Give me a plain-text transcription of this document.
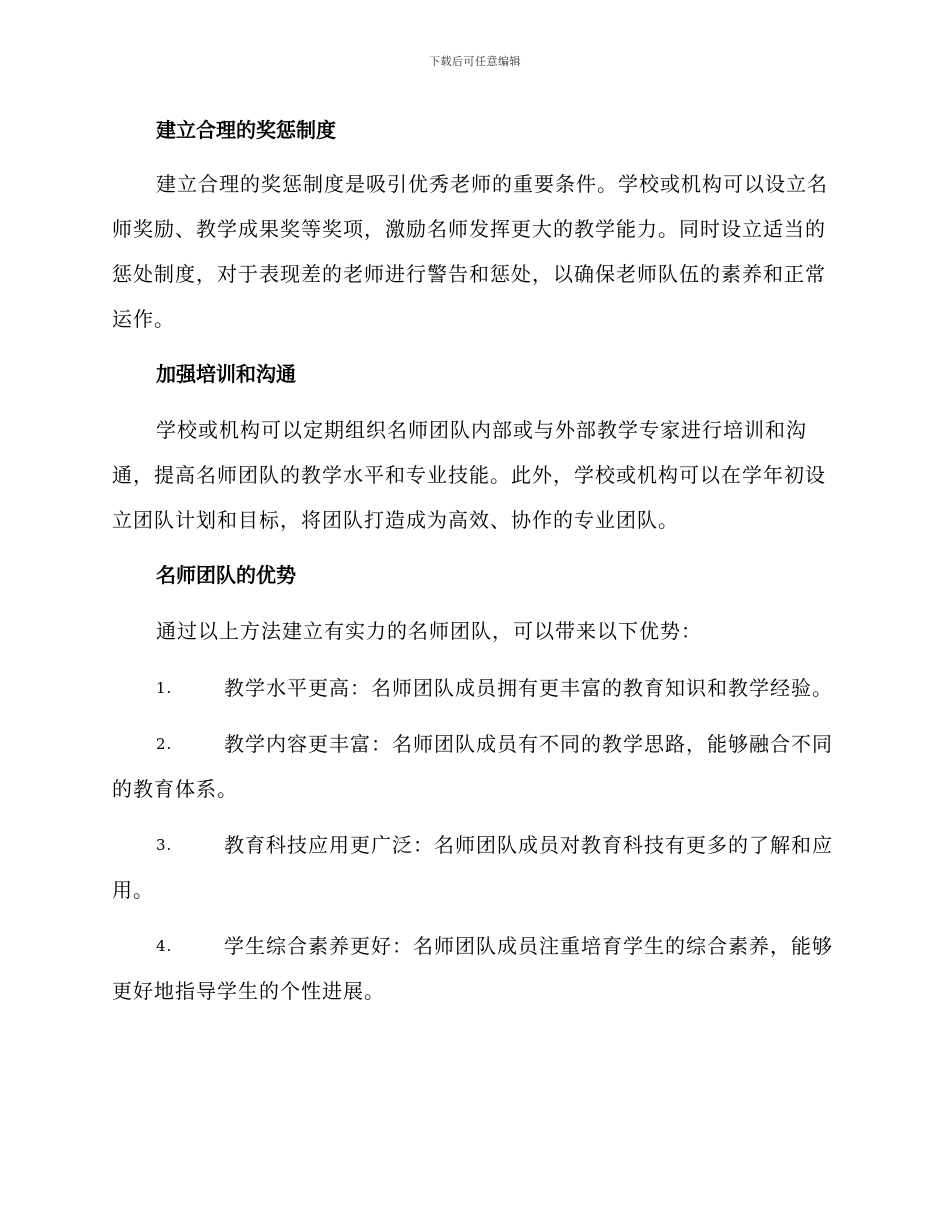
下载后可任意编辑
建立合理的奖惩制度

建立合理的奖惩制度是吸引优秀老师的重要条件。学校或机构可以设立名师奖励、教学成果奖等奖项，激励名师发挥更大的教学能力。同时设立适当的惩处制度，对于表现差的老师进行警告和惩处，以确保老师队伍的素养和正常运作。

加强培训和沟通

学校或机构可以定期组织名师团队内部或与外部教学专家进行培训和沟通，提高名师团队的教学水平和专业技能。此外，学校或机构可以在学年初设立团队计划和目标，将团队打造成为高效、协作的专业团队。

名师团队的优势

通过以上方法建立有实力的名师团队，可以带来以下优势：

1.	教学水平更高：名师团队成员拥有更丰富的教育知识和教学经验。

2.	教学内容更丰富：名师团队成员有不同的教学思路，能够融合不同的教育体系。

3.	教育科技应用更广泛：名师团队成员对教育科技有更多的了解和应用。

4.	学生综合素养更好：名师团队成员注重培育学生的综合素养，能够更好地指导学生的个性进展。
